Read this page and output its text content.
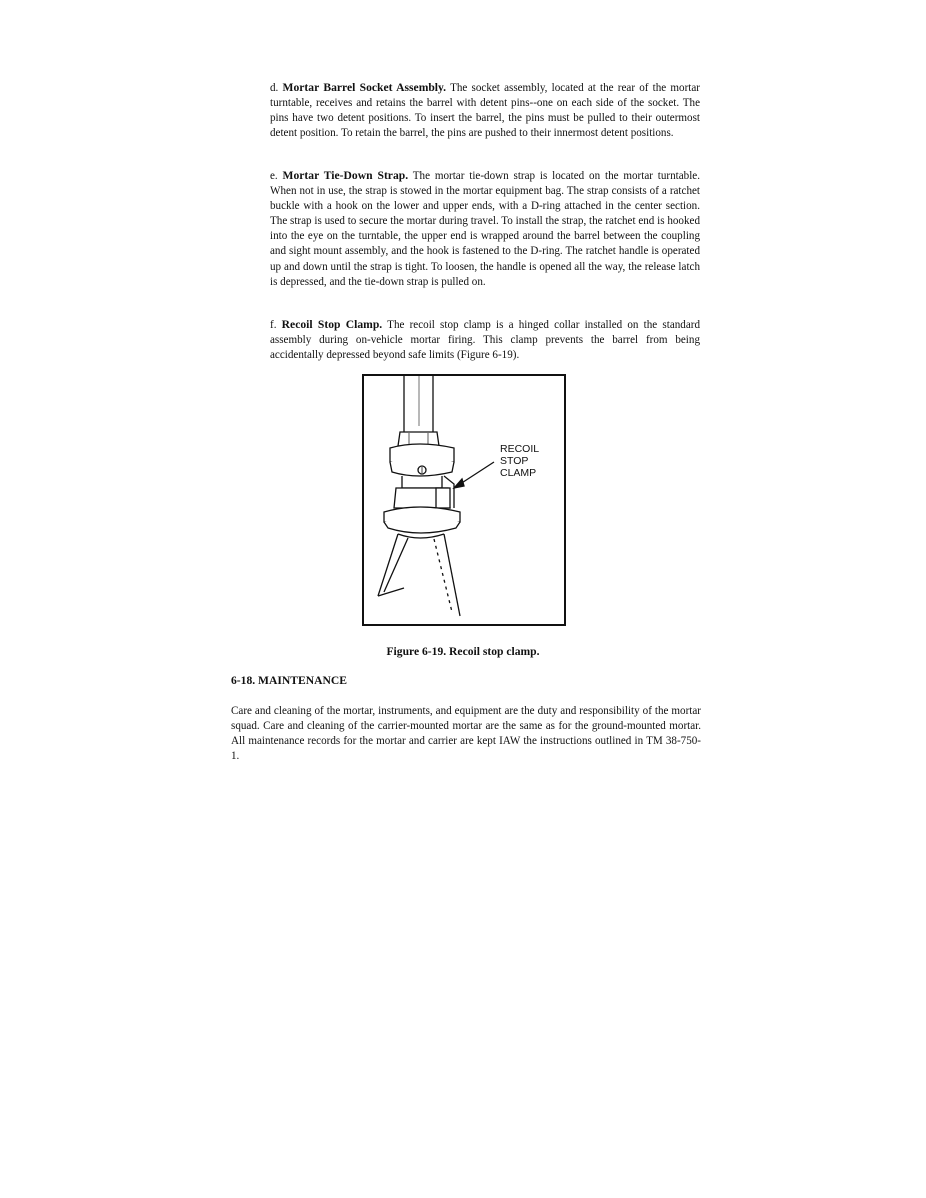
d. Mortar Barrel Socket Assembly. The socket assembly, located at the rear of the mortar turntable, receives and retains the barrel with detent pins--one on each side of the socket. The pins have two detent positions. To insert the barrel, the pins must be pulled to their outermost detent position. To retain the barrel, the pins are pushed to their innermost detent positions.
e. Mortar Tie-Down Strap. The mortar tie-down strap is located on the mortar turntable. When not in use, the strap is stowed in the mortar equipment bag. The strap consists of a ratchet buckle with a hook on the lower and upper ends, with a D-ring attached in the center section. The strap is used to secure the mortar during travel. To install the strap, the ratchet end is hooked into the eye on the turntable, the upper end is wrapped around the barrel between the coupling and sight mount assembly, and the hook is fastened to the D-ring. The ratchet handle is operated up and down until the strap is tight. To loosen, the handle is opened all the way, the release latch is depressed, and the tie-down strap is pulled on.
f. Recoil Stop Clamp. The recoil stop clamp is a hinged collar installed on the standard assembly during on-vehicle mortar firing. This clamp prevents the barrel from being accidentally depressed beyond safe limits (Figure 6-19).
RECOIL
STOP
CLAMP
Figure 6-19. Recoil stop clamp.
6-18. MAINTENANCE
Care and cleaning of the mortar, instruments, and equipment are the duty and responsibility of the mortar squad. Care and cleaning of the carrier-mounted mortar are the same as for the ground-mounted mortar. All maintenance records for the mortar and carrier are kept IAW the instructions outlined in TM 38-750-1.
